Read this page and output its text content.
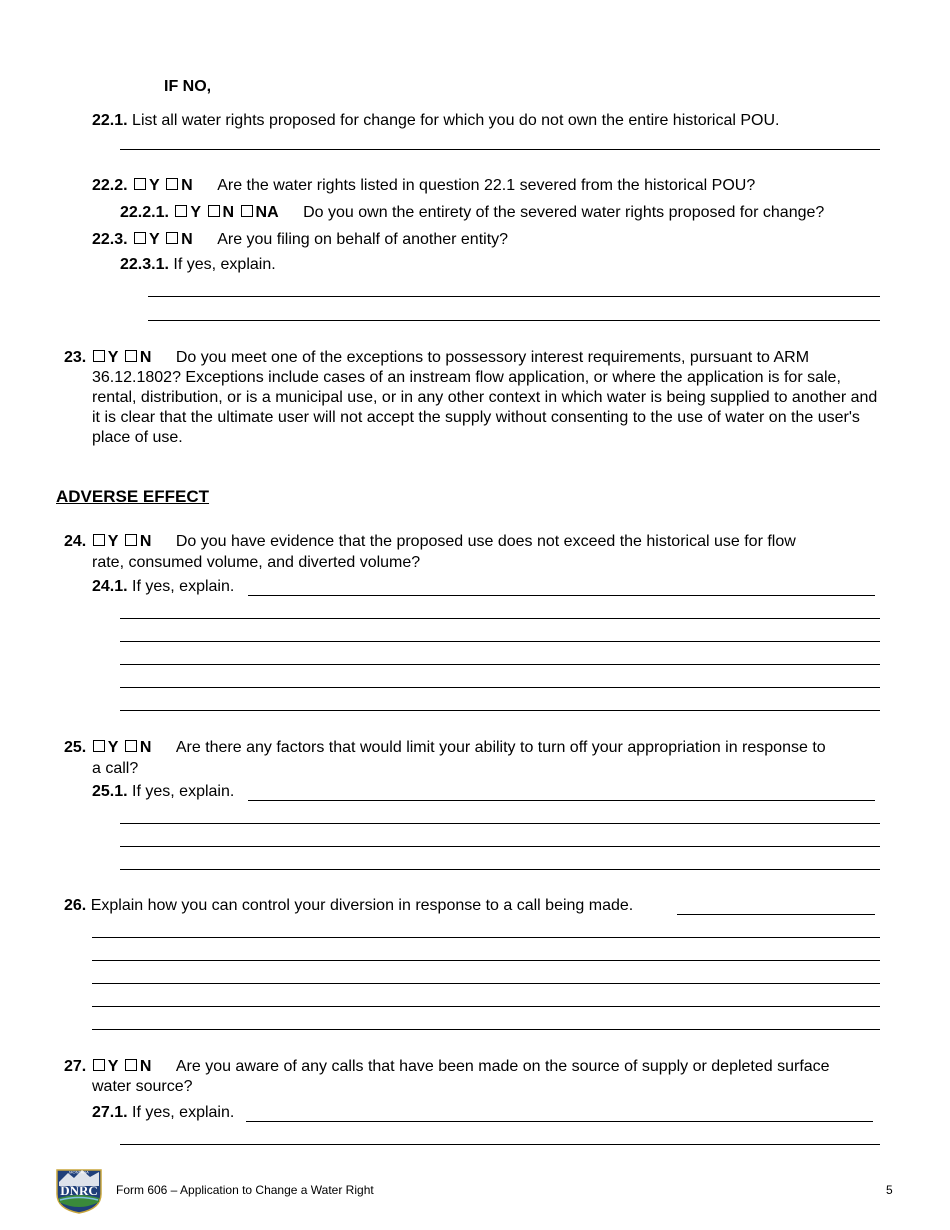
IF NO,
22.1. List all water rights proposed for change for which you do not own the entire historical POU.
22.2. Y N Are the water rights listed in question 22.1 severed from the historical POU?
22.2.1. Y N NA Do you own the entirety of the severed water rights proposed for change?
22.3. Y N Are you filing on behalf of another entity?
22.3.1. If yes, explain.
23. Y N Do you meet one of the exceptions to possessory interest requirements, pursuant to ARM
36.12.1802? Exceptions include cases of an instream flow application, or where the application is for sale, rental, distribution, or is a municipal use, or in any other context in which water is being supplied to another and it is clear that the ultimate user will not accept the supply without consenting to the use of water on the user's place of use.
ADVERSE EFFECT
24. Y N Do you have evidence that the proposed use does not exceed the historical use for flow
rate, consumed volume, and diverted volume?
24.1. If yes, explain.
25. Y N Are there any factors that would limit your ability to turn off your appropriation in response to
a call?
25.1. If yes, explain.
26. Explain how you can control your diversion in response to a call being made.
27. Y N Are you aware of any calls that have been made on the source of supply or depleted surface
water source?
27.1. If yes, explain.
MONTANA
DNRC Form 606 – Application to Change a Water Right	5
